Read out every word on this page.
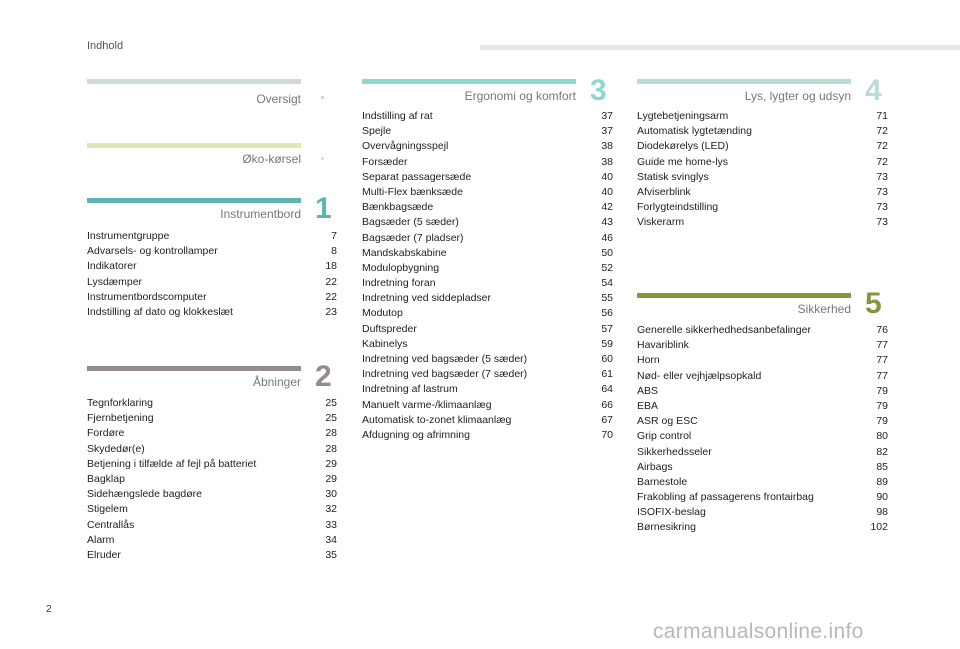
Indhold
Oversigt
Øko-kørsel
Instrumentbord 1
Instrumentgruppe	7
Advarsels- og kontrollamper	8
Indikatorer	18
Lysdæmper	22
Instrumentbordscomputer	22
Indstilling af dato og klokkeslæt	23
Åbninger 2
Tegnforklaring	25
Fjernbetjening	25
Fordøre	28
Skydedør(e)	28
Betjening i tilfælde af fejl på batteriet	29
Bagklap	29
Sidehængslede bagdøre	30
Stigelem	32
Centrallås	33
Alarm	34
Elruder	35
Ergonomi og komfort 3
Indstilling af rat	37
Spejle	37
Overvågningsspejl	38
Forsæder	38
Separat passagersæde	40
Multi-Flex bænksæde	40
Bænkbagsæde	42
Bagsæder (5 sæder)	43
Bagsæder (7 pladser)	46
Mandskabskabine	50
Modulopbygning	52
Indretning foran	54
Indretning ved siddepladser	55
Modutop	56
Duftspreder	57
Kabinelys	59
Indretning ved bagsæder (5 sæder)	60
Indretning ved bagsæder (7 sæder)	61
Indretning af lastrum	64
Manuelt varme-/klimaanlæg	66
Automatisk to-zonet klimaanlæg	67
Afdugning og afrimning	70
Lys, lygter og udsyn 4
Lygtebetjeningsarm	71
Automatisk lygtetænding	72
Diodekørelys (LED)	72
Guide me home-lys	72
Statisk svinglys	73
Afviserblink	73
Forlygteindstilling	73
Viskerarm	73
Sikkerhed 5
Generelle sikkerhedhedsanbefalinger	76
Havariblink	77
Horn	77
Nød- eller vejhjælpsopkald	77
ABS	79
EBA	79
ASR og ESC	79
Grip control	80
Sikkerhedsseler	82
Airbags	85
Barnestole	89
Frakobling af passagerens frontairbag	90
ISOFIX-beslag	98
Børnesikring	102
2
carmanualsonline.info
